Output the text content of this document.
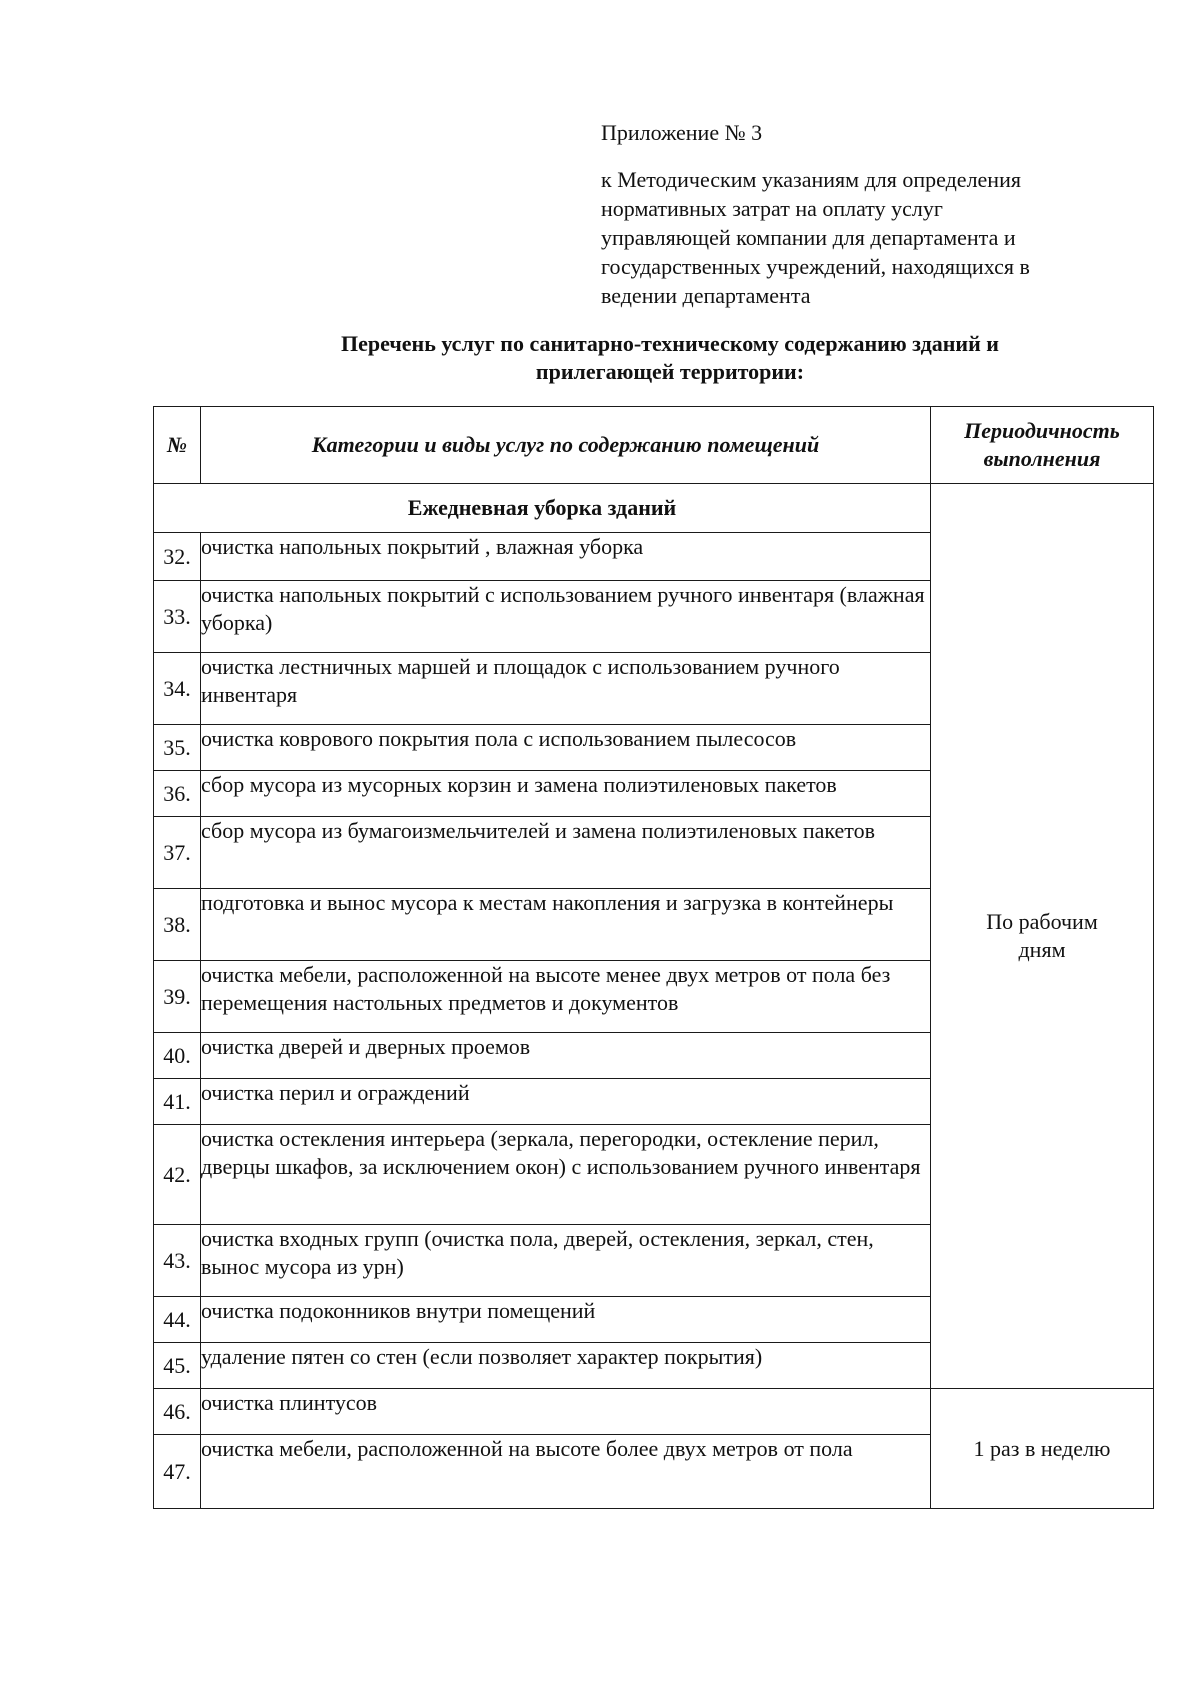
Приложение № 3
к Методическим указаниям для определения
нормативных затрат на оплату услуг
управляющей компании для департамента и
государственных учреждений, находящихся в
ведении департамента
Перечень услуг по санитарно-техническому содержанию зданий и
прилегающей территории:
№	Категории и виды услуг по содержанию помещений	Периодичность
выполнения

Ежедневная уборка зданий		По рабочим
дням

32.	очистка напольных покрытий , влажная уборка	
33.	очистка напольных покрытий с использованием ручного инвентаря (влажная уборка)	
34.	очистка лестничных маршей и площадок с использованием ручного инвентаря	
35.	очистка коврового покрытия пола с использованием пылесосов	
36.	сбор мусора из мусорных корзин и замена полиэтиленовых пакетов	
37.	сбор мусора из бумагоизмельчителей и замена полиэтиленовых пакетов	
38.	подготовка и вынос мусора к местам накопления и загрузка в контейнеры	
39.	очистка мебели, расположенной на высоте менее двух метров от пола без перемещения настольных предметов и документов	
40.	очистка дверей и дверных проемов	
41.	очистка перил и ограждений	
42.	очистка остекления интерьера (зеркала, перегородки, остекление перил, дверцы шкафов, за исключением окон) с использованием ручного инвентаря	
43.	очистка входных групп (очистка пола, дверей, остекления, зеркал, стен, вынос мусора из урн)	
44.	очистка подоконников внутри помещений	
45.	удаление пятен со стен (если позволяет характер покрытия)	
46.	очистка плинтусов	1 раз в неделю
47.	очистка мебели, расположенной на высоте более двух метров от пола	
